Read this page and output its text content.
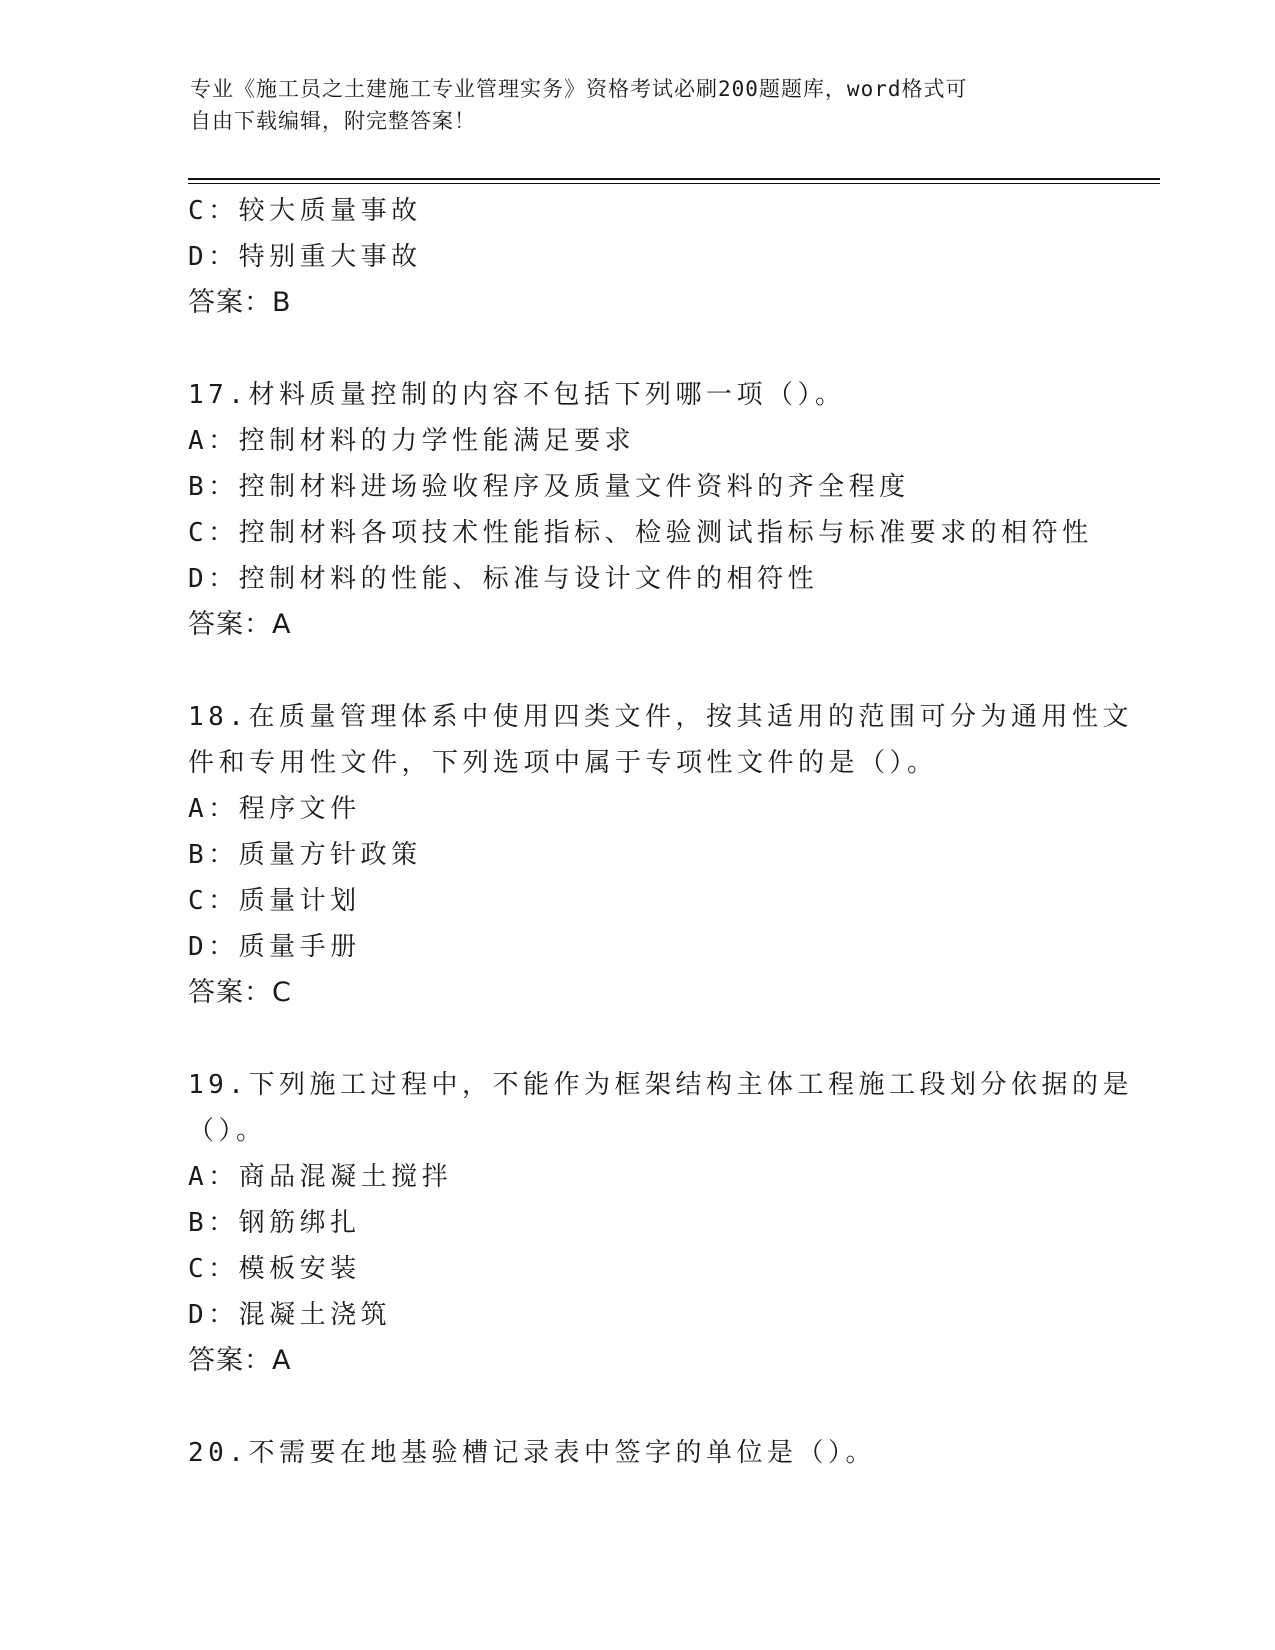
专业《施工员之土建施工专业管理实务》资格考试必刷200题题库，word格式可
自由下载编辑，附完整答案！
C：较大质量事故
D：特别重大事故
答案：B
17.材料质量控制的内容不包括下列哪一项（）。
A：控制材料的力学性能满足要求
B：控制材料进场验收程序及质量文件资料的齐全程度
C：控制材料各项技术性能指标、检验测试指标与标准要求的相符性
D：控制材料的性能、标准与设计文件的相符性
答案：A
18.在质量管理体系中使用四类文件，按其适用的范围可分为通用性文
件和专用性文件，下列选项中属于专项性文件的是（）。
A：程序文件
B：质量方针政策
C：质量计划
D：质量手册
答案：C
19.下列施工过程中，不能作为框架结构主体工程施工段划分依据的是
（）。
A：商品混凝土搅拌
B：钢筋绑扎
C：模板安装
D：混凝土浇筑
答案：A
20.不需要在地基验槽记录表中签字的单位是（）。
